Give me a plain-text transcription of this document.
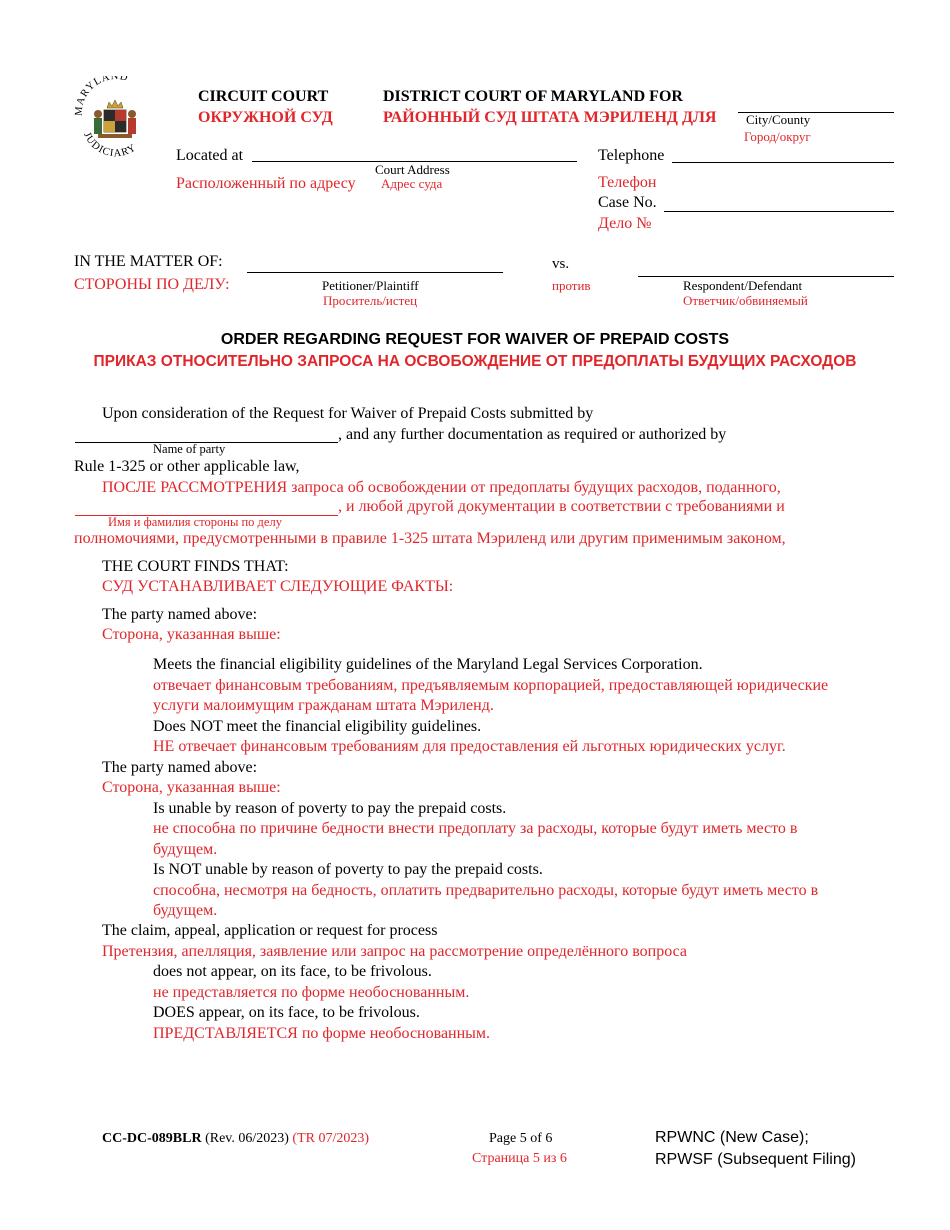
MARYLAND
JUDICIARY
CIRCUIT COURT
ОКРУЖНОЙ СУД
DISTRICT COURT OF MARYLAND FOR
РАЙОННЫЙ СУД ШТАТА МЭРИЛЕНД ДЛЯ City/County
Город/округ
Located at
Court Address
Расположенный по адресу Адрес суда
Telephone
Телефон
Case No.
Дело №
IN THE MATTER OF:
СТОРОНЫ ПО ДЕЛУ:	Petitioner/Plaintiff
Проситель/истец
vs.
против	Respondent/Defendant
Ответчик/обвиняемый
ORDER REGARDING REQUEST FOR WAIVER OF PREPAID COSTS
ПРИКАЗ ОТНОСИТЕЛЬНО ЗАПРОСА НА ОСВОБОЖДЕНИЕ ОТ ПРЕДОПЛАТЫ БУДУЩИХ РАСХОДОВ
Upon consideration of the Request for Waiver of Prepaid Costs submitted by
, and any further documentation as required or authorized by
Name of party
Rule 1-325 or other applicable law,
ПОСЛЕ РАССМОТРЕНИЯ запроса об освобождении от предоплаты будущих расходов, поданного,
, и любой другой документации в соответствии с требованиями и
Имя и фамилия стороны по делу
полномочиями, предусмотренными в правиле 1-325 штата Мэриленд или другим применимым законом,
THE COURT FINDS THAT:
СУД УСТАНАВЛИВАЕТ СЛЕДУЮЩИЕ ФАКТЫ:
The party named above:
Сторона, указанная выше:
Meets the financial eligibility guidelines of the Maryland Legal Services Corporation.
отвечает финансовым требованиям, предъявляемым корпорацией, предоставляющей юридические
услуги малоимущим гражданам штата Мэриленд.
Does NOT meet the financial eligibility guidelines.
НЕ отвечает финансовым требованиям для предоставления ей льготных юридических услуг.
The party named above:
Сторона, указанная выше:
Is unable by reason of poverty to pay the prepaid costs.
не способна по причине бедности внести предоплату за расходы, которые будут иметь место в
будущем.
Is NOT unable by reason of poverty to pay the prepaid costs.
способна, несмотря на бедность, оплатить предварительно расходы, которые будут иметь место в
будущем.
The claim, appeal, application or request for process
Претензия, апелляция, заявление или запрос на рассмотрение определённого вопроса
does not appear, on its face, to be frivolous.
не представляется по форме необоснованным.
DOES appear, on its face, to be frivolous.
ПРЕДСТАВЛЯЕТСЯ по форме необоснованным.
CC-DC-089BLR (Rev. 06/2023) (TR 07/2023)	Page 5 of 6
Страница 5 из 6
RPWNC (New Case);
RPWSF (Subsequent Filing)
